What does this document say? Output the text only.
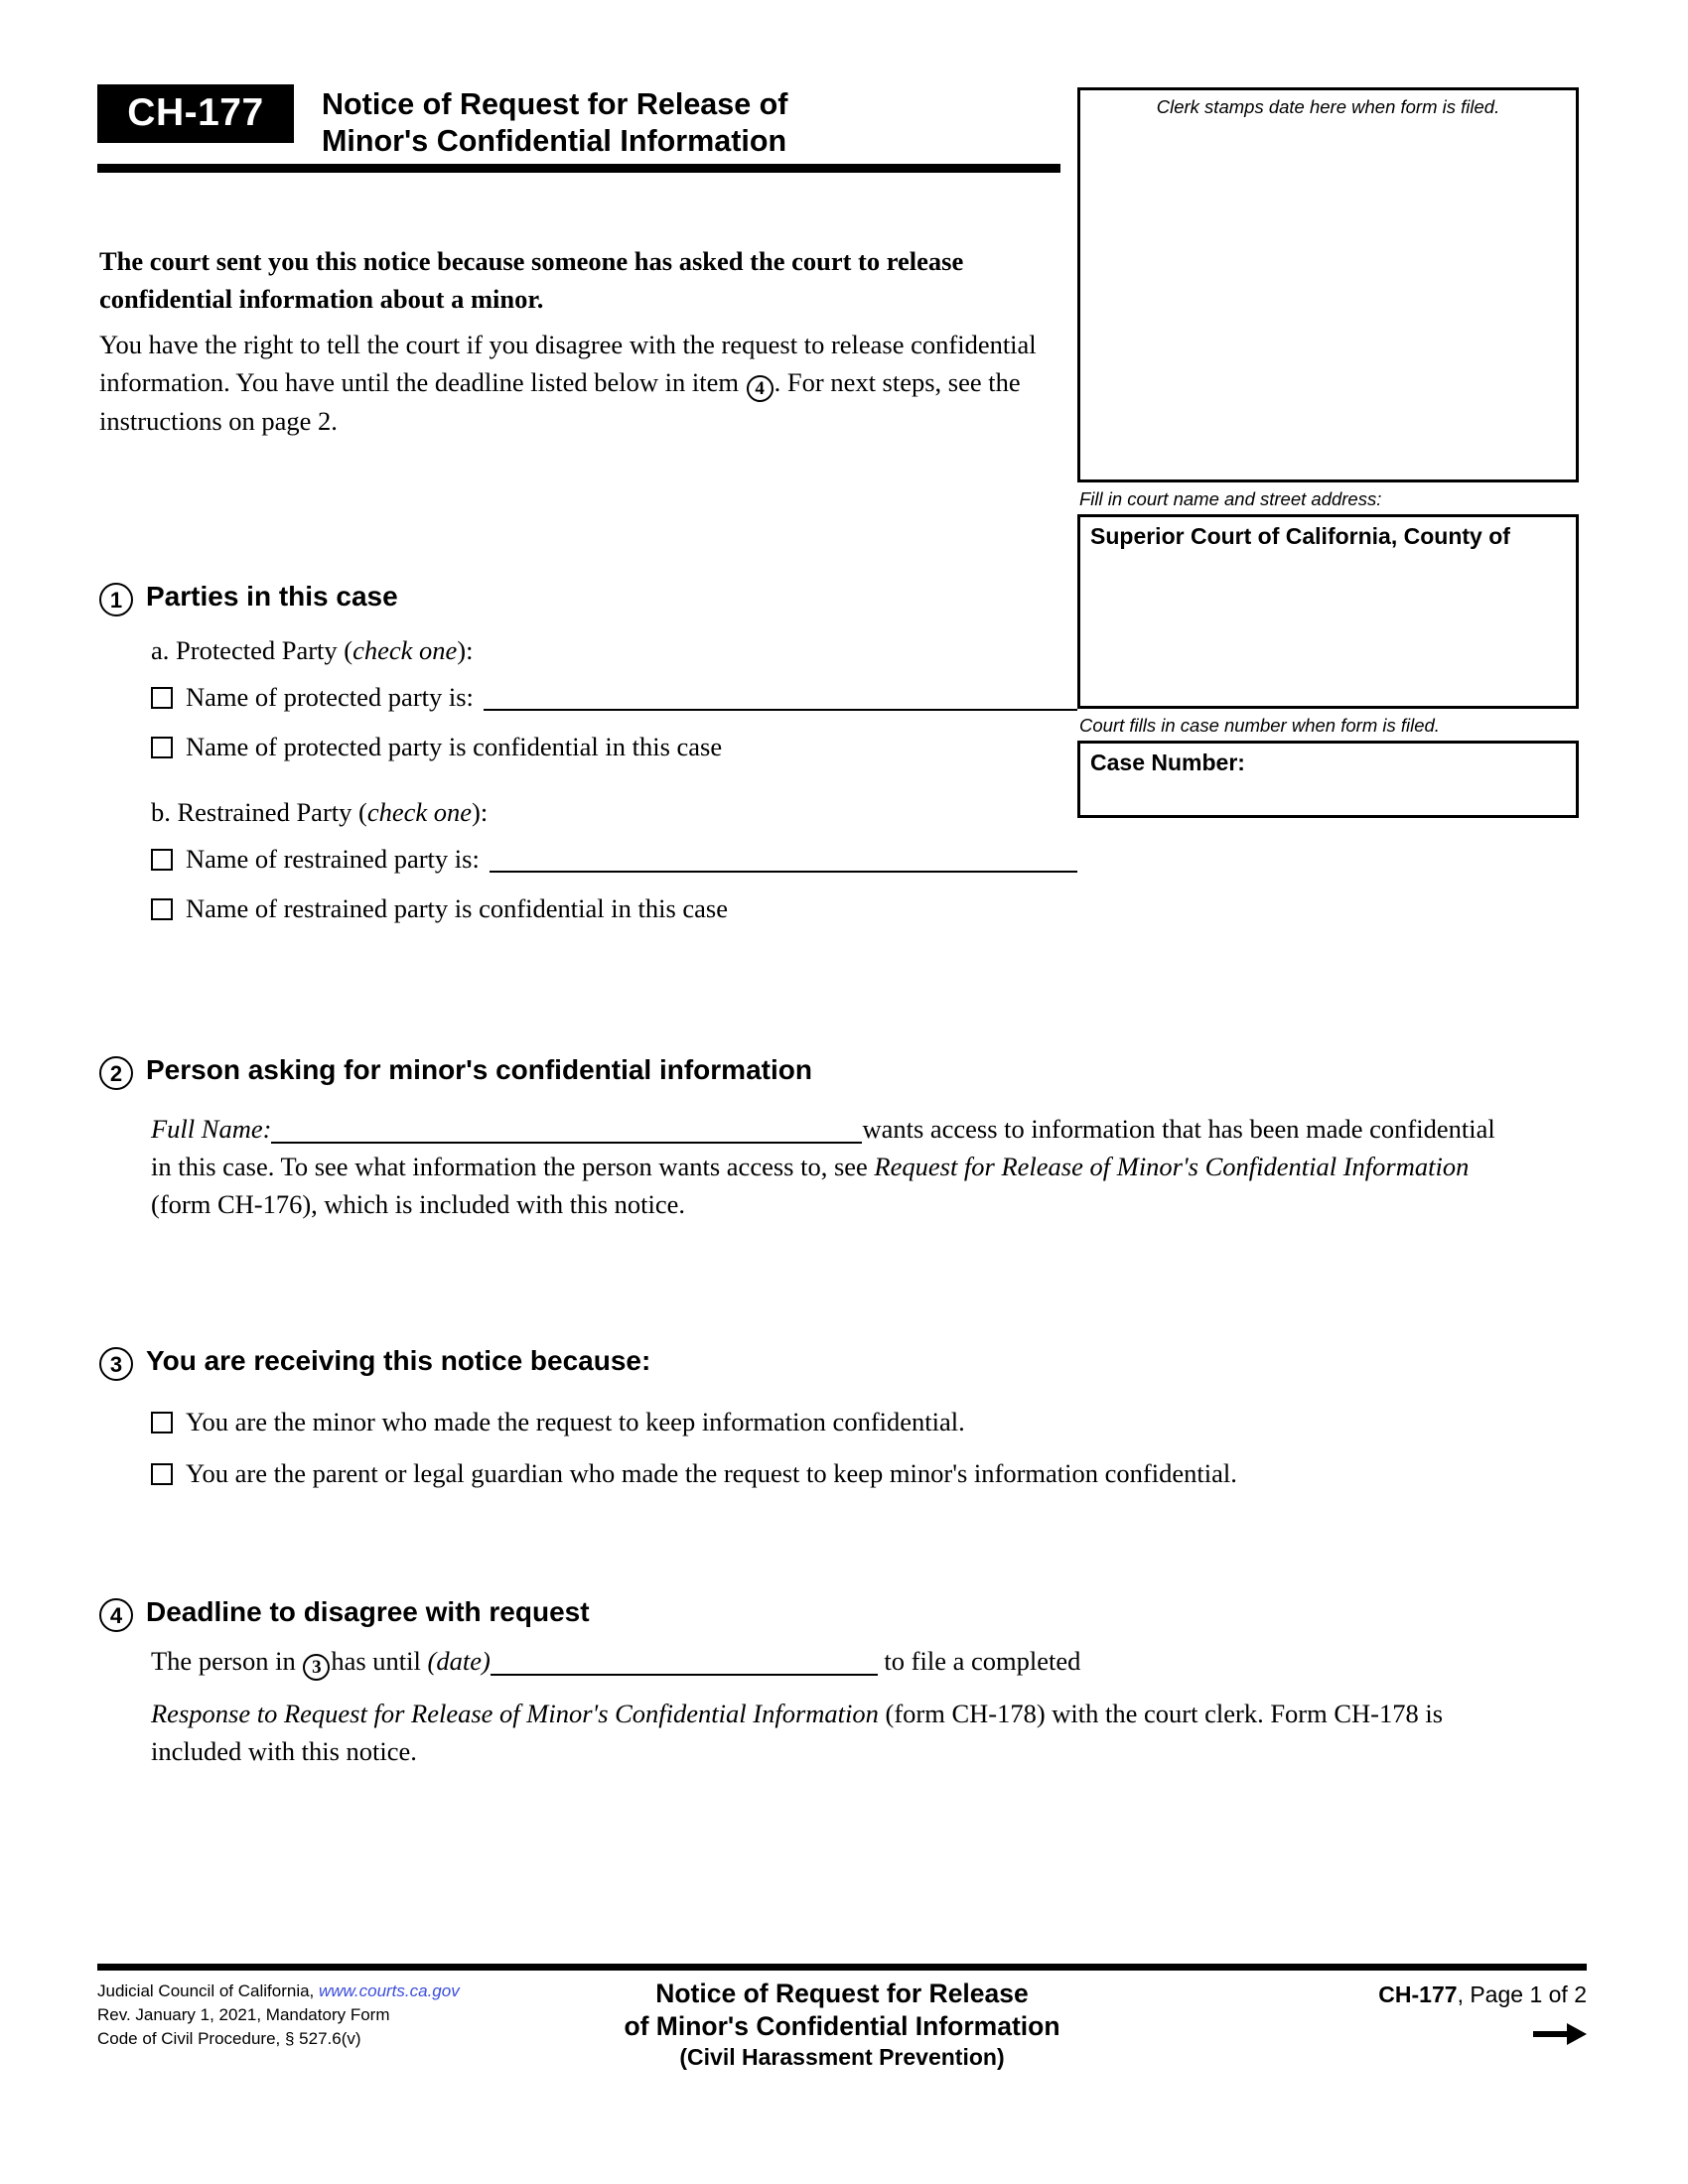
CH-177	Notice of Request for Release of
Minor's Confidential Information

The court sent you this notice because someone has asked the court to release confidential information about a minor.

You have the right to tell the court if you disagree with the request to release confidential information. You have until the deadline listed below in item 4 . For next steps, see the instructions on page 2.

Clerk stamps date here when form is filed.
Fill in court name and street address:
Superior Court of California, County of
Court fills in case number when form is filed.
Case Number:
1 Parties in this case
a. Protected Party (check one):
Name of protected party is:
Name of protected party is confidential in this case
b. Restrained Party (check one):
Name of restrained party is:
Name of restrained party is confidential in this case
2 Person asking for minor's confidential information
Full Name:	wants access to information that has been made confidential in this case. To see what information the person wants access to, see Request for Release of Minor's Confidential Information (form CH-176), which is included with this notice.
3 You are receiving this notice because:
You are the minor who made the request to keep information confidential.
You are the parent or legal guardian who made the request to keep minor's information confidential.
4 Deadline to disagree with request
The person in 3 has until (date)	to file a completed
Response to Request for Release of Minor's Confidential Information (form CH-178) with the court clerk. Form CH-178 is included with this notice.
Judicial Council of California, www.courts.ca.gov
Rev. January 1, 2021, Mandatory Form
Code of Civil Procedure, § 527.6(v)
Notice of Request for Release
of Minor's Confidential Information
(Civil Harassment Prevention)
CH-177, Page 1 of 2
